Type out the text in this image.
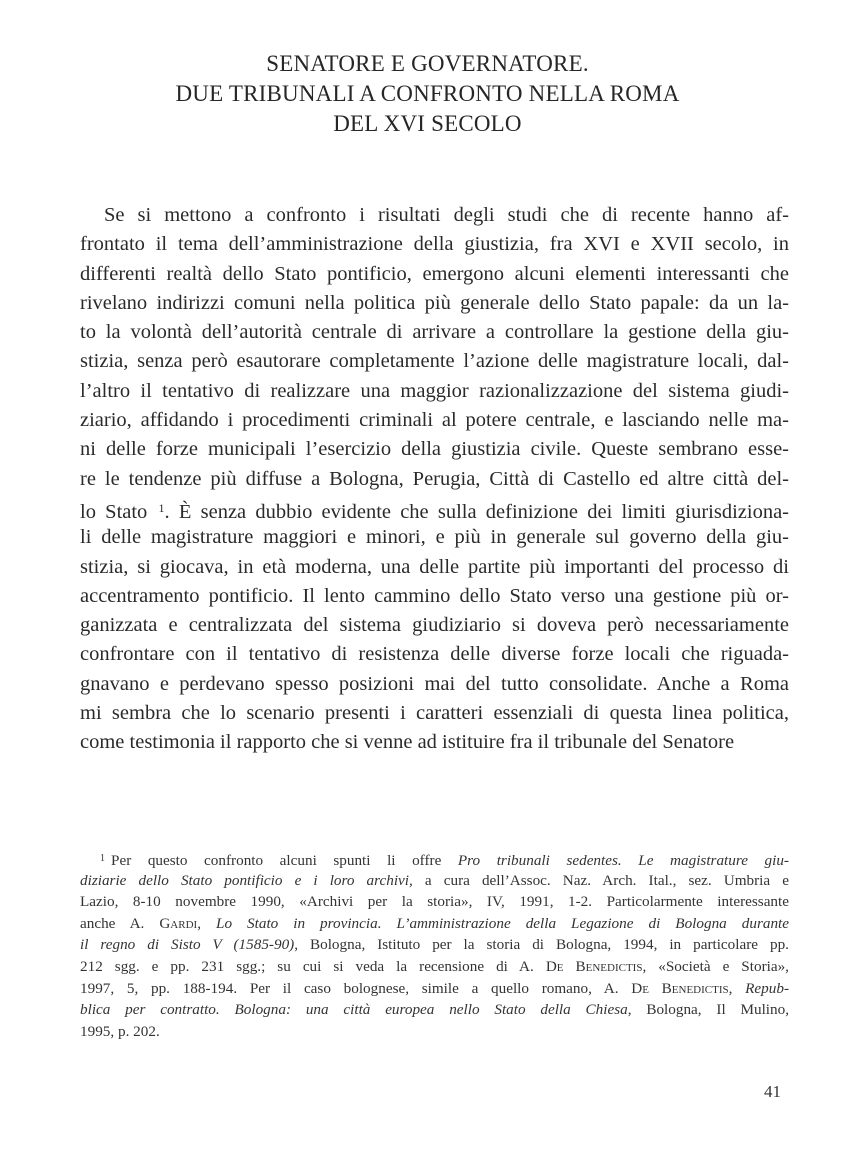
SENATORE E GOVERNATORE.
DUE TRIBUNALI A CONFRONTO NELLA ROMA
DEL XVI SECOLO
Se si mettono a confronto i risultati degli studi che di recente hanno af-
frontato il tema dell’amministrazione della giustizia, fra XVI e XVII secolo, in
differenti realtà dello Stato pontificio, emergono alcuni elementi interessanti che
rivelano indirizzi comuni nella politica più generale dello Stato papale: da un la-
to la volontà dell’autorità centrale di arrivare a controllare la gestione della giu-
stizia, senza però esautorare completamente l’azione delle magistrature locali, dal-
l’altro il tentativo di realizzare una maggior razionalizzazione del sistema giudi-
ziario, affidando i procedimenti criminali al potere centrale, e lasciando nelle ma-
ni delle forze municipali l’esercizio della giustizia civile. Queste sembrano esse-
re le tendenze più diffuse a Bologna, Perugia, Città di Castello ed altre città del-
lo Stato $^1$. È senza dubbio evidente che sulla definizione dei limiti giurisdiziona-
li delle magistrature maggiori e minori, e più in generale sul governo della giu-
stizia, si giocava, in età moderna, una delle partite più importanti del processo di
accentramento pontificio. Il lento cammino dello Stato verso una gestione più or-
ganizzata e centralizzata del sistema giudiziario si doveva però necessariamente
confrontare con il tentativo di resistenza delle diverse forze locali che riguada-
gnavano e perdevano spesso posizioni mai del tutto consolidate. Anche a Roma
mi sembra che lo scenario presenti i caratteri essenziali di questa linea politica,
come testimonia il rapporto che si venne ad istituire fra il tribunale del Senatore
$^1$ Per questo confronto alcuni spunti li offre Pro tribunali sedentes. Le magistrature giu-
diziarie dello Stato pontificio e i loro archivi, a cura dell’Assoc. Naz. Arch. Ital., sez. Umbria e
Lazio, 8-10 novembre 1990, «Archivi per la storia», IV, 1991, 1-2. Particolarmente interessante
anche A. Gardi, Lo Stato in provincia. L’amministrazione della Legazione di Bologna durante
il regno di Sisto V (1585-90), Bologna, Istituto per la storia di Bologna, 1994, in particolare pp.
212 sgg. e pp. 231 sgg.; su cui si veda la recensione di A. De Benedictis, «Società e Storia»,
1997, 5, pp. 188-194. Per il caso bolognese, simile a quello romano, A. De Benedictis, Repub-
blica per contratto. Bologna: una città europea nello Stato della Chiesa, Bologna, Il Mulino,
1995, p. 202.
41
